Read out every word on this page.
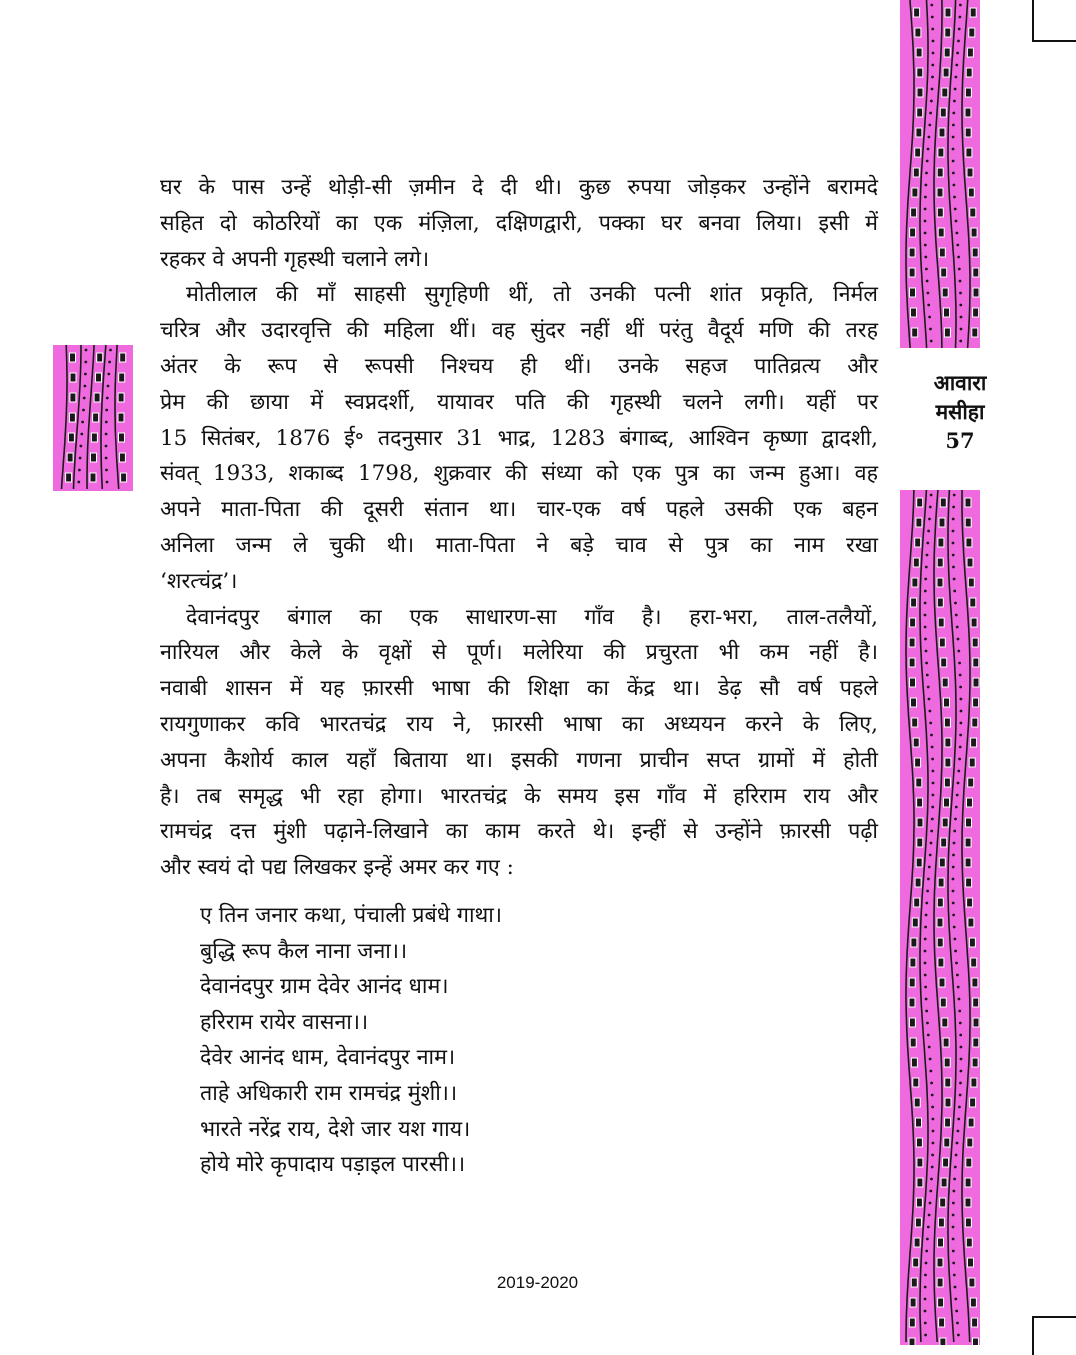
आवारा
मसीहा
57

घर के पास उन्हें थोड़ी-सी ज़मीन दे दी थी। कुछ रुपया जोड़कर उन्होंने बरामदे
सहित दो कोठरियों का एक मंज़िला, दक्षिणद्वारी, पक्का घर बनवा लिया। इसी में
रहकर वे अपनी गृहस्थी चलाने लगे।

मोतीलाल की माँ साहसी सुगृहिणी थीं, तो उनकी पत्नी शांत प्रकृति, निर्मल
चरित्र और उदारवृत्ति की महिला थीं। वह सुंदर नहीं थीं परंतु वैदूर्य मणि की तरह
अंतर के रूप से रूपसी निश्चय ही थीं। उनके सहज पातिव्रत्य और
प्रेम की छाया में स्वप्नदर्शी, यायावर पति की गृहस्थी चलने लगी। यहीं पर
15 सितंबर, 1876 ई॰ तदनुसार 31 भाद्र, 1283 बंगाब्द, आश्विन कृष्णा द्वादशी,
संवत् 1933, शकाब्द 1798, शुक्रवार की संध्या को एक पुत्र का जन्म हुआ। वह
अपने माता-पिता की दूसरी संतान था। चार-एक वर्ष पहले उसकी एक बहन
अनिला जन्म ले चुकी थी। माता-पिता ने बड़े चाव से पुत्र का नाम रखा
‘शरत्चंद्र’।

देवानंदपुर बंगाल का एक साधारण-सा गाँव है। हरा-भरा, ताल-तलैयों,
नारियल और केले के वृक्षों से पूर्ण। मलेरिया की प्रचुरता भी कम नहीं है।
नवाबी शासन में यह फ़ारसी भाषा की शिक्षा का केंद्र था। डेढ़ सौ वर्ष पहले
रायगुणाकर कवि भारतचंद्र राय ने, फ़ारसी भाषा का अध्ययन करने के लिए,
अपना कैशोर्य काल यहाँ बिताया था। इसकी गणना प्राचीन सप्त ग्रामों में होती
है। तब समृद्ध भी रहा होगा। भारतचंद्र के समय इस गाँव में हरिराम राय और
रामचंद्र दत्त मुंशी पढ़ाने-लिखाने का काम करते थे। इन्हीं से उन्होंने फ़ारसी पढ़ी
और स्वयं दो पद्य लिखकर इन्हें अमर कर गए :

ए तिन जनार कथा, पंचाली प्रबंधे गाथा।
बुद्धि रूप कैल नाना जना।।
देवानंदपुर ग्राम देवेर आनंद धाम।
हरिराम रायेर वासना।।
देवेर आनंद धाम, देवानंदपुर नाम।
ताहे अधिकारी राम रामचंद्र मुंशी।।
भारते नरेंद्र राय, देशे जार यश गाय।
होये मोरे कृपादाय पड़ाइल पारसी।।
2019-2020
